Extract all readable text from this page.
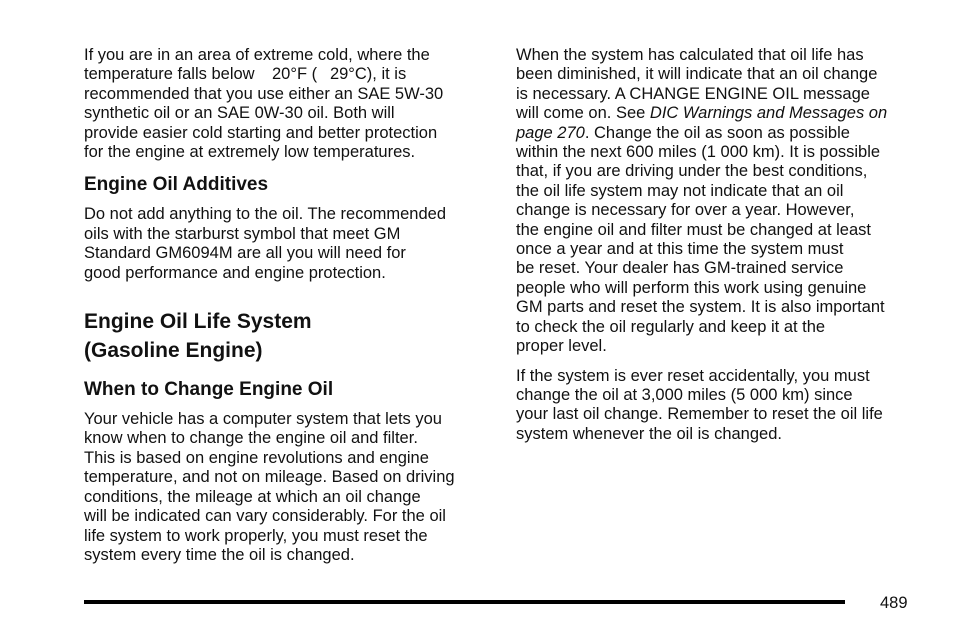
If you are in an area of extreme cold, where the
temperature falls below   20°F (  29°C), it is
recommended that you use either an SAE 5W-30
synthetic oil or an SAE 0W-30 oil. Both will
provide easier cold starting and better protection
for the engine at extremely low temperatures.

Engine Oil Additives

Do not add anything to the oil. The recommended
oils with the starburst symbol that meet GM
Standard GM6094M are all you will need for
good performance and engine protection.

Engine Oil Life System
(Gasoline Engine)
When to Change Engine Oil

Your vehicle has a computer system that lets you
know when to change the engine oil and filter.
This is based on engine revolutions and engine
temperature, and not on mileage. Based on driving
conditions, the mileage at which an oil change
will be indicated can vary considerably. For the oil
life system to work properly, you must reset the
system every time the oil is changed.

When the system has calculated that oil life has
been diminished, it will indicate that an oil change
is necessary. A CHANGE ENGINE OIL message
will come on. See DIC Warnings and Messages on
page 270. Change the oil as soon as possible
within the next 600 miles (1 000 km). It is possible
that, if you are driving under the best conditions,
the oil life system may not indicate that an oil
change is necessary for over a year. However,
the engine oil and filter must be changed at least
once a year and at this time the system must
be reset. Your dealer has GM-trained service
people who will perform this work using genuine
GM parts and reset the system. It is also important
to check the oil regularly and keep it at the
proper level.

If the system is ever reset accidentally, you must
change the oil at 3,000 miles (5 000 km) since
your last oil change. Remember to reset the oil life
system whenever the oil is changed.

489
